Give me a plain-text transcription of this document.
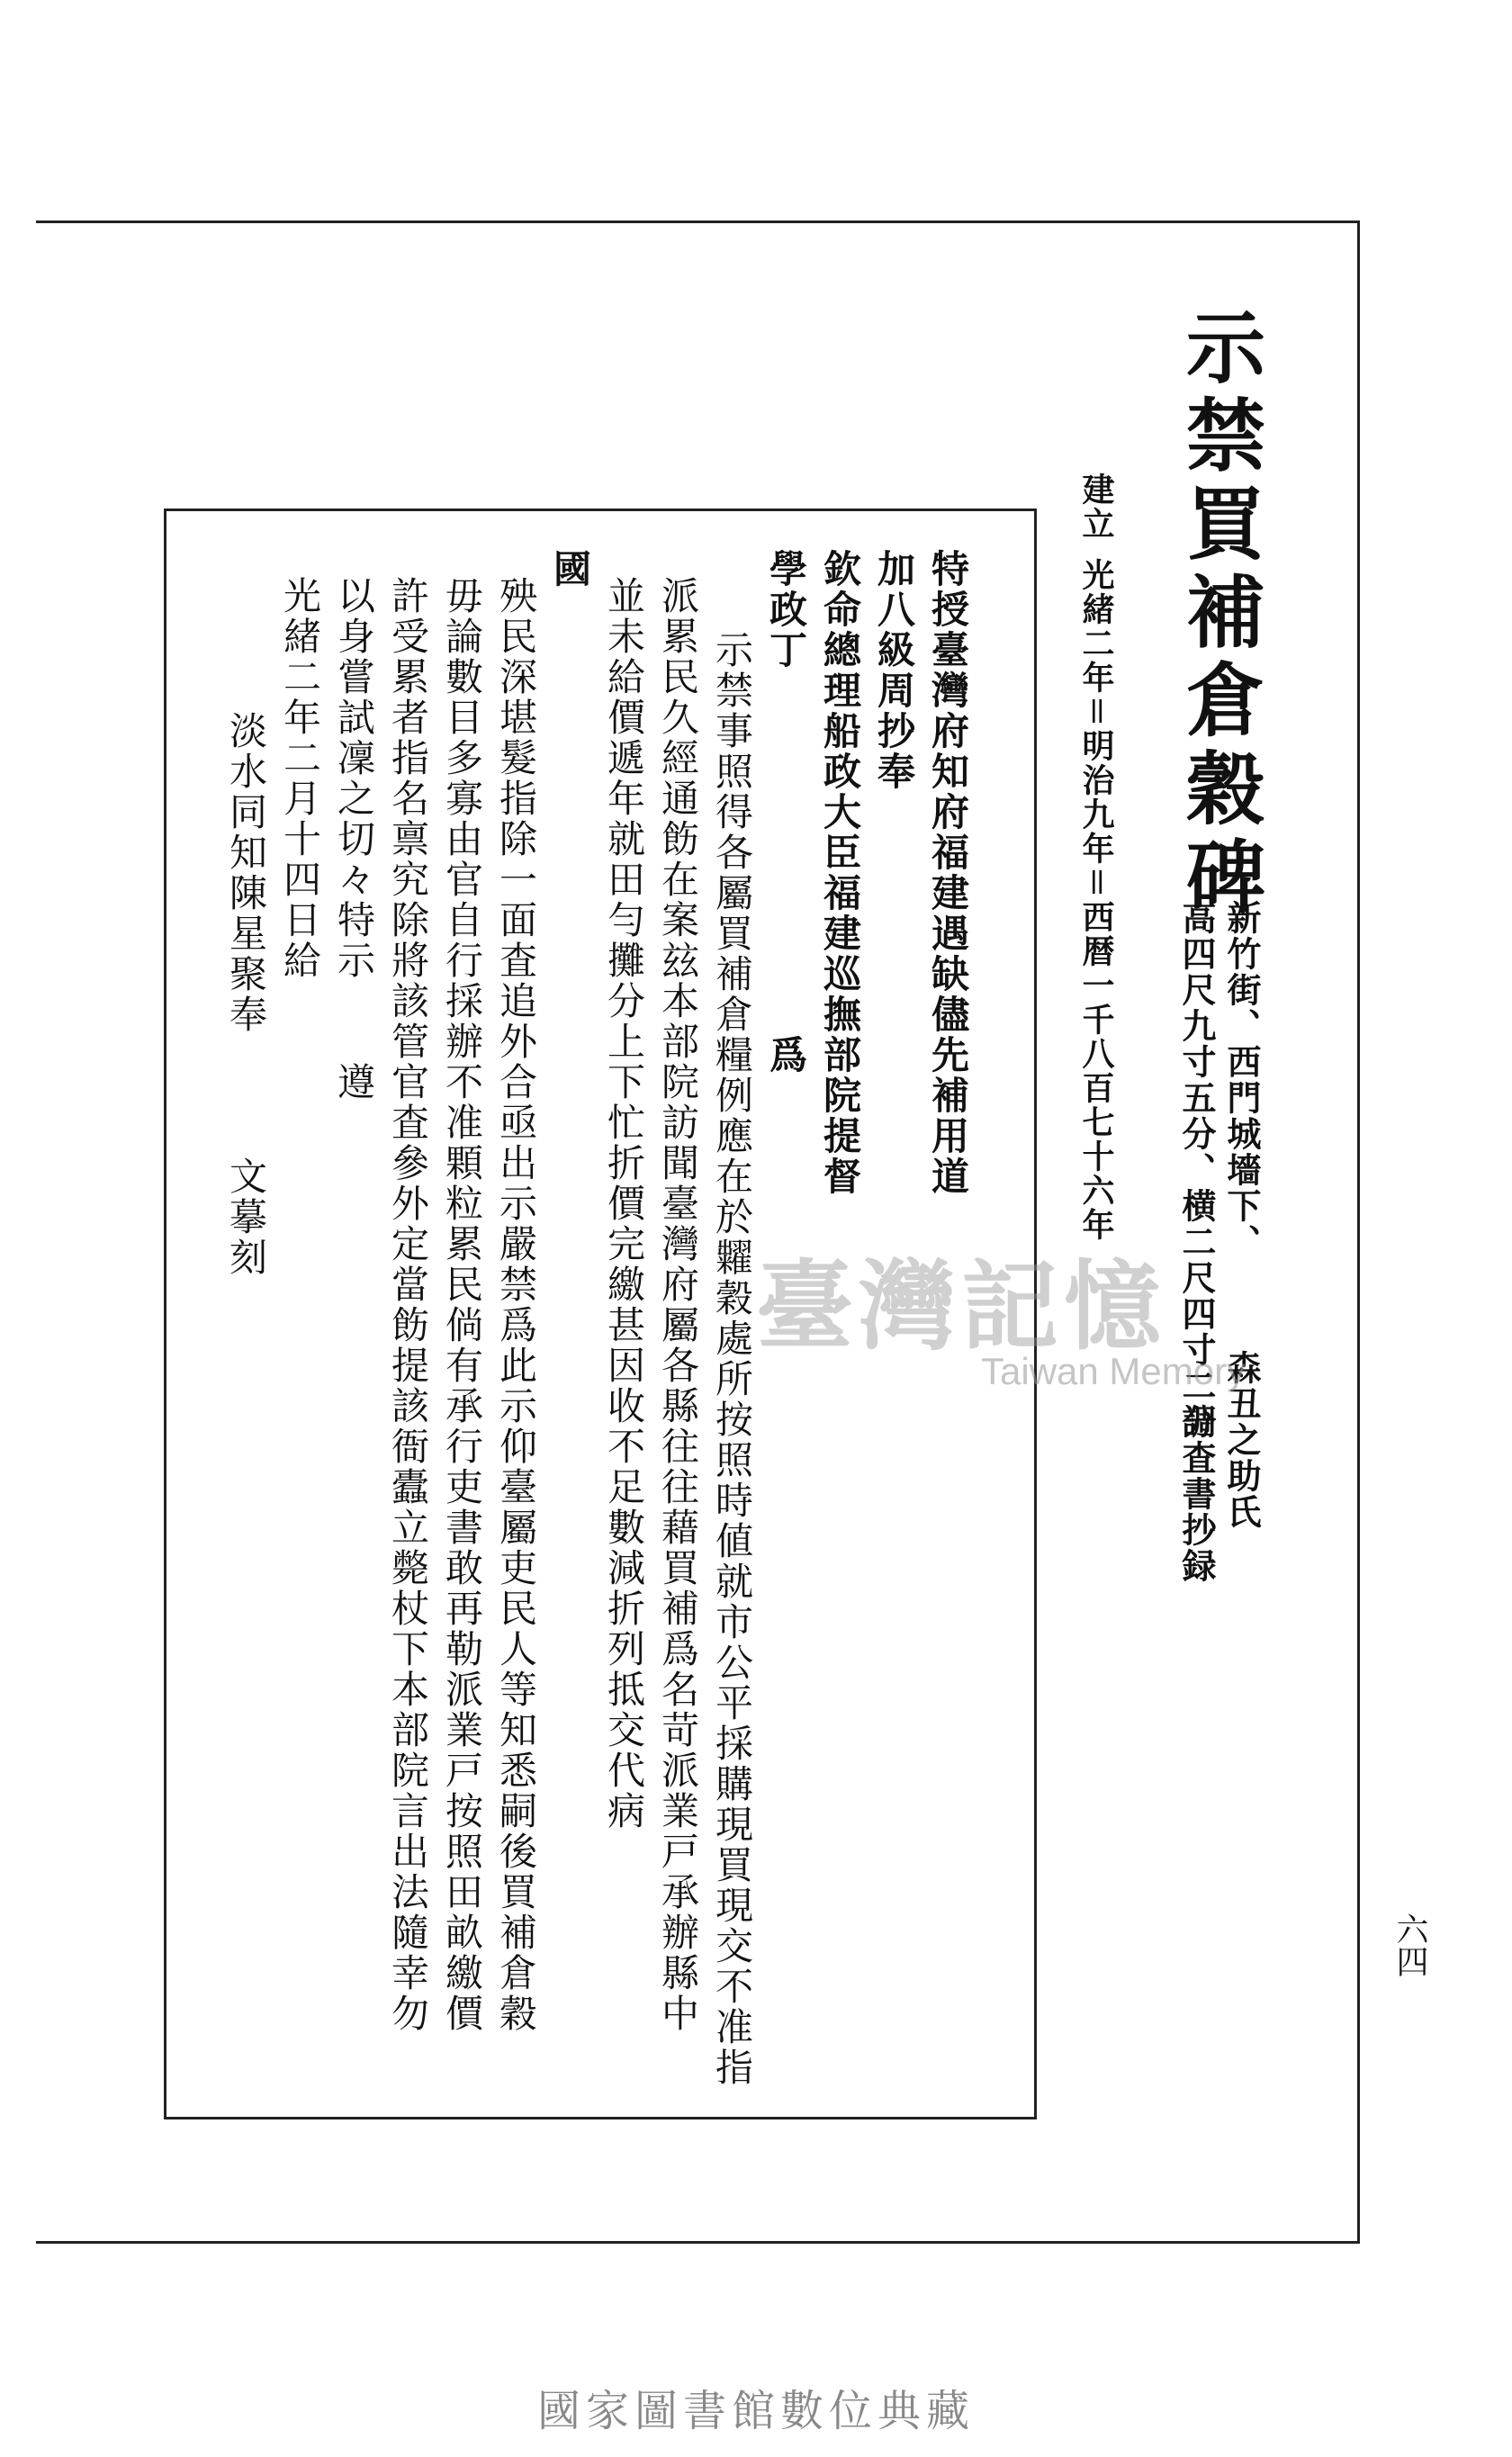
示禁買補倉穀碑
新竹街、西門城墻下、
高四尺九寸五分、横二尺四寸二分 森丑之助氏
調査書抄録
建立
光緒二年＝明治九年＝西暦一千八百七十六年
特授臺灣府知府福建遇缺儘先補用道
加八級周抄奉
欽命總理船政大臣福建巡撫部院提督
學政丁　　　　　　　　　爲
示禁事照得各屬買補倉糧例應在於糶穀處所按照時値就市公平採購現買現交不准指
派累民久經通飭在案玆本部院訪聞臺灣府屬各縣往往藉買補爲名苛派業戸承辦縣中
並未給價遞年就田勻攤分上下忙折價完繳甚因收不足數減折列抵交代病
國
殃民深堪髮指除一面査追外合亟出示嚴禁爲此示仰臺屬吏民人等知悉嗣後買補倉穀
毋論數目多寡由官自行採辦不准顆粒累民倘有承行吏書敢再勒派業戸按照田畝繳價
許受累者指名禀究除將該管官査參外定當飭提該衙蠹立斃杖下本部院言出法隨幸勿
以身嘗試凜之切々特示　　遵
光緒二年二月十四日給
淡水同知陳星聚奉　　　文摹刻
臺灣記憶
Taiwan Memory
六四
國家圖書館數位典藏
